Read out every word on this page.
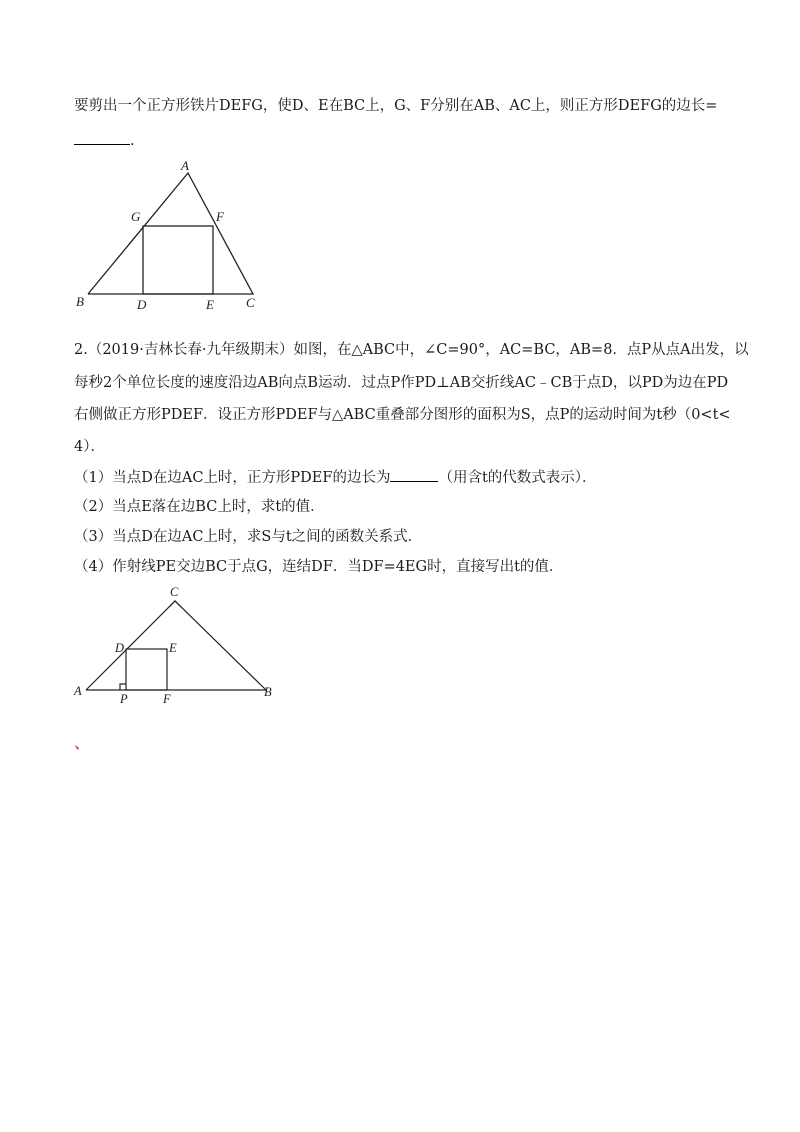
要剪出一个正方形铁片DEFG，使D、E在BC上，G、F分别在AB、AC上，则正方形DEFG的边长=
.
A
B	C
D	E
F
G
C
D	E
A
P	F	B
2.（2019·吉林长春·九年级期末）如图，在△ABC中，∠C=90°，AC=BC，AB=8．点P从点A出发，以
每秒2个单位长度的速度沿边AB向点B运动．过点P作PD⊥AB交折线AC﹣CB于点D，以PD为边在PD
右侧做正方形PDEF．设正方形PDEF与△ABC重叠部分图形的面积为S，点P的运动时间为t秒（0<t<
4）．
（1）当点D在边AC上时，正方形PDEF的边长为	（用含t的代数式表示）．
（2）当点E落在边BC上时，求t的值．
（3）当点D在边AC上时，求S与t之间的函数关系式．
（4）作射线PE交边BC于点G，连结DF．当DF=4EG时，直接写出t的值．
、
